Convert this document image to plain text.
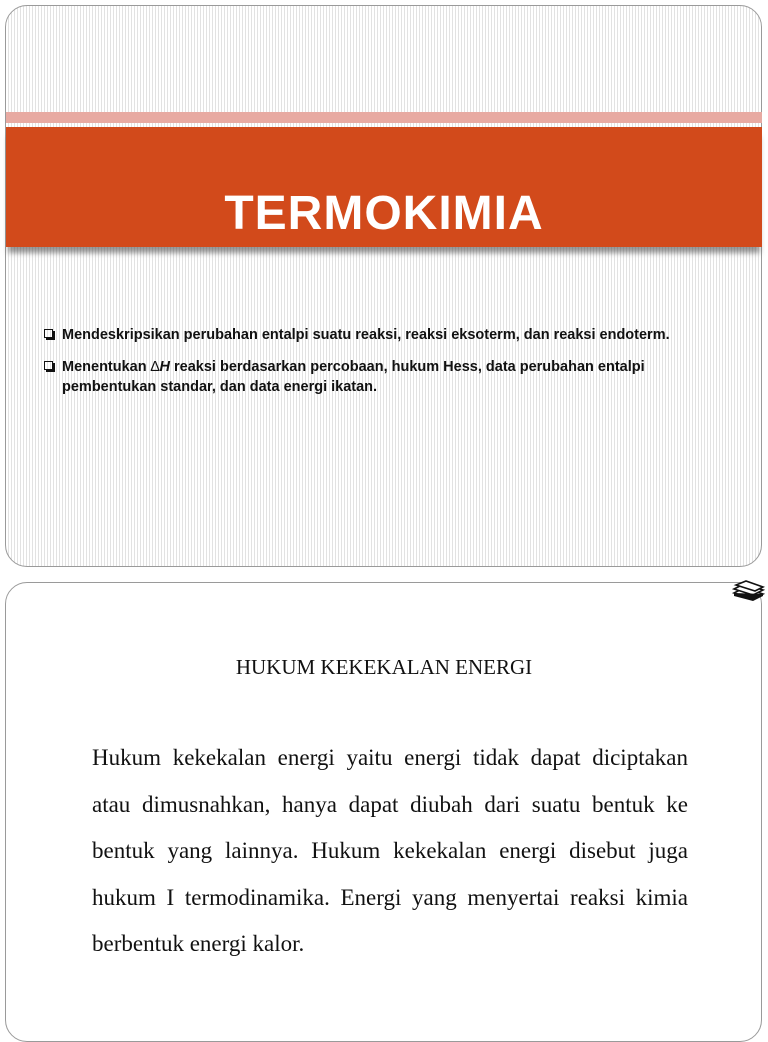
TERMOKIMIA
Mendeskripsikan perubahan entalpi suatu reaksi, reaksi eksoterm, dan reaksi endoterm.
Menentukan ∆H reaksi berdasarkan percobaan, hukum Hess, data perubahan entalpi pembentukan standar, dan data energi ikatan.
HUKUM KEKEKALAN ENERGI

Hukum kekekalan energi yaitu energi tidak dapat diciptakan atau dimusnahkan, hanya dapat diubah dari suatu bentuk ke bentuk yang lainnya. Hukum kekekalan energi disebut juga hukum I termodinamika. Energi yang menyertai reaksi kimia berbentuk energi kalor.
